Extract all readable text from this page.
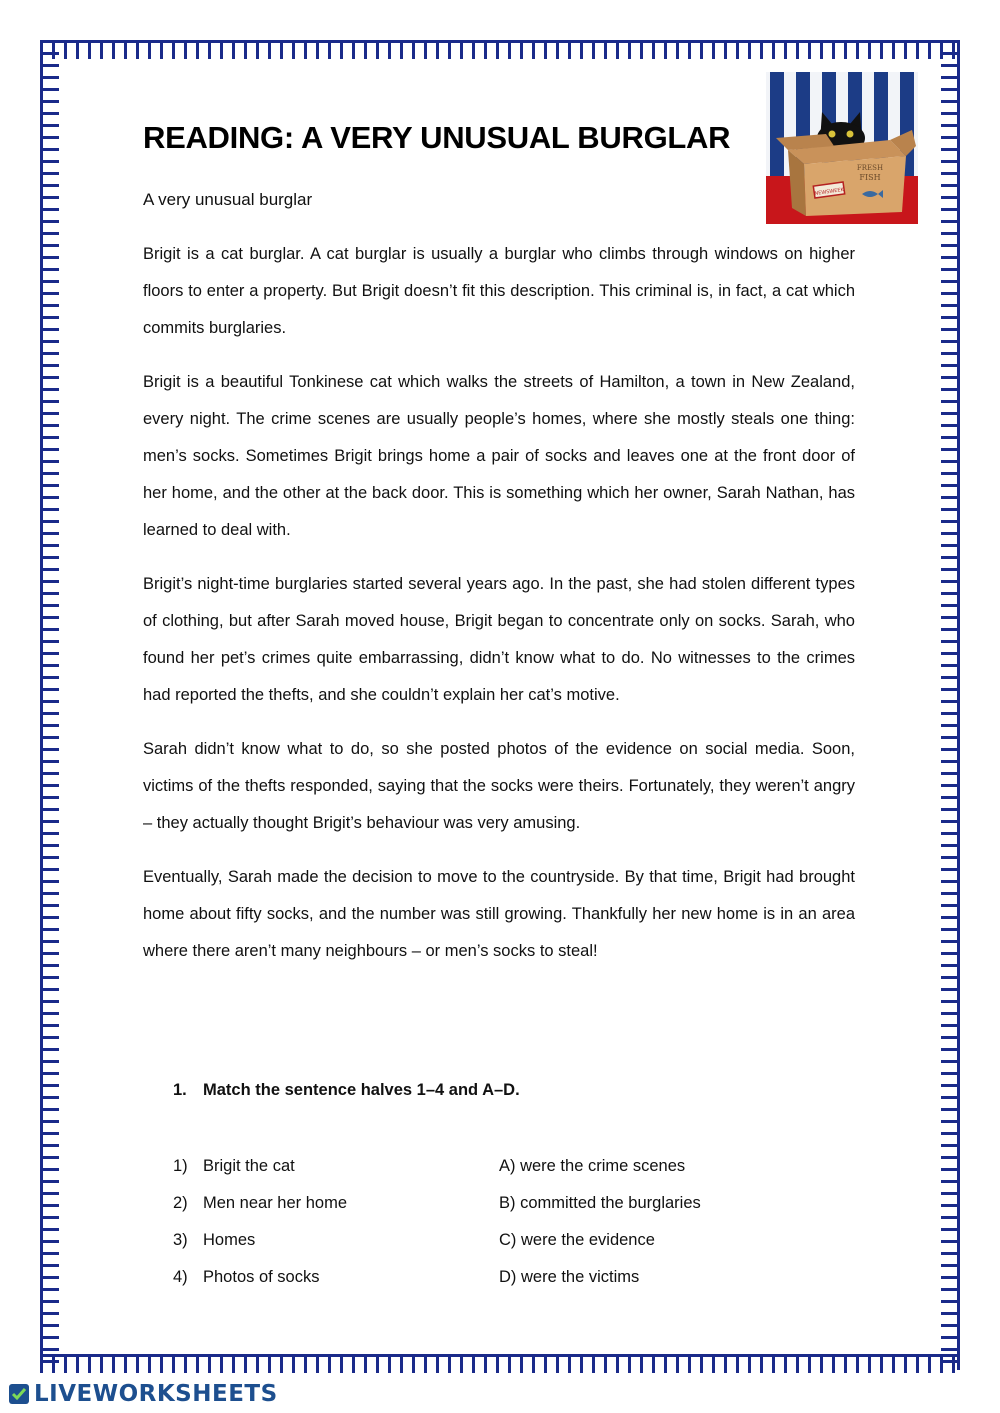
READING: A VERY UNUSUAL BURGLAR
A very unusual burglar	NEWSWEEK
FRESH
FISH

Brigit is a cat burglar. A cat burglar is usually a burglar who climbs through windows on higher floors to enter a property. But Brigit doesn’t fit this description. This criminal is, in fact, a cat which commits burglaries.

Brigit is a beautiful Tonkinese cat which walks the streets of Hamilton, a town in New Zealand, every night. The crime scenes are usually people’s homes, where she mostly steals one thing: men’s socks. Sometimes Brigit brings home a pair of socks and leaves one at the front door of her home, and the other at the back door. This is something which her owner, Sarah Nathan, has learned to deal with.

Brigit’s night-time burglaries started several years ago. In the past, she had stolen different types of clothing, but after Sarah moved house, Brigit began to concentrate only on socks. Sarah, who found her pet’s crimes quite embarrassing, didn’t know what to do. No witnesses to the crimes had reported the thefts, and she couldn’t explain her cat’s motive.

Sarah didn’t know what to do, so she posted photos of the evidence on social media. Soon, victims of the thefts responded, saying that the socks were theirs. Fortunately, they weren’t angry – they actually thought Brigit’s behaviour was very amusing.

Eventually, Sarah made the decision to move to the countryside. By that time, Brigit had brought home about fifty socks, and the number was still growing. Thankfully her new home is in an area where there aren’t many neighbours – or men’s socks to steal!

1. Match the sentence halves 1–4 and A–D.
1) Brigit the cat	A) were the crime scenes
2) Men near her home	B) committed the burglaries
3) Homes	C) were the evidence
4) Photos of socks	D) were the victims
LIVEWORKSHEETS
